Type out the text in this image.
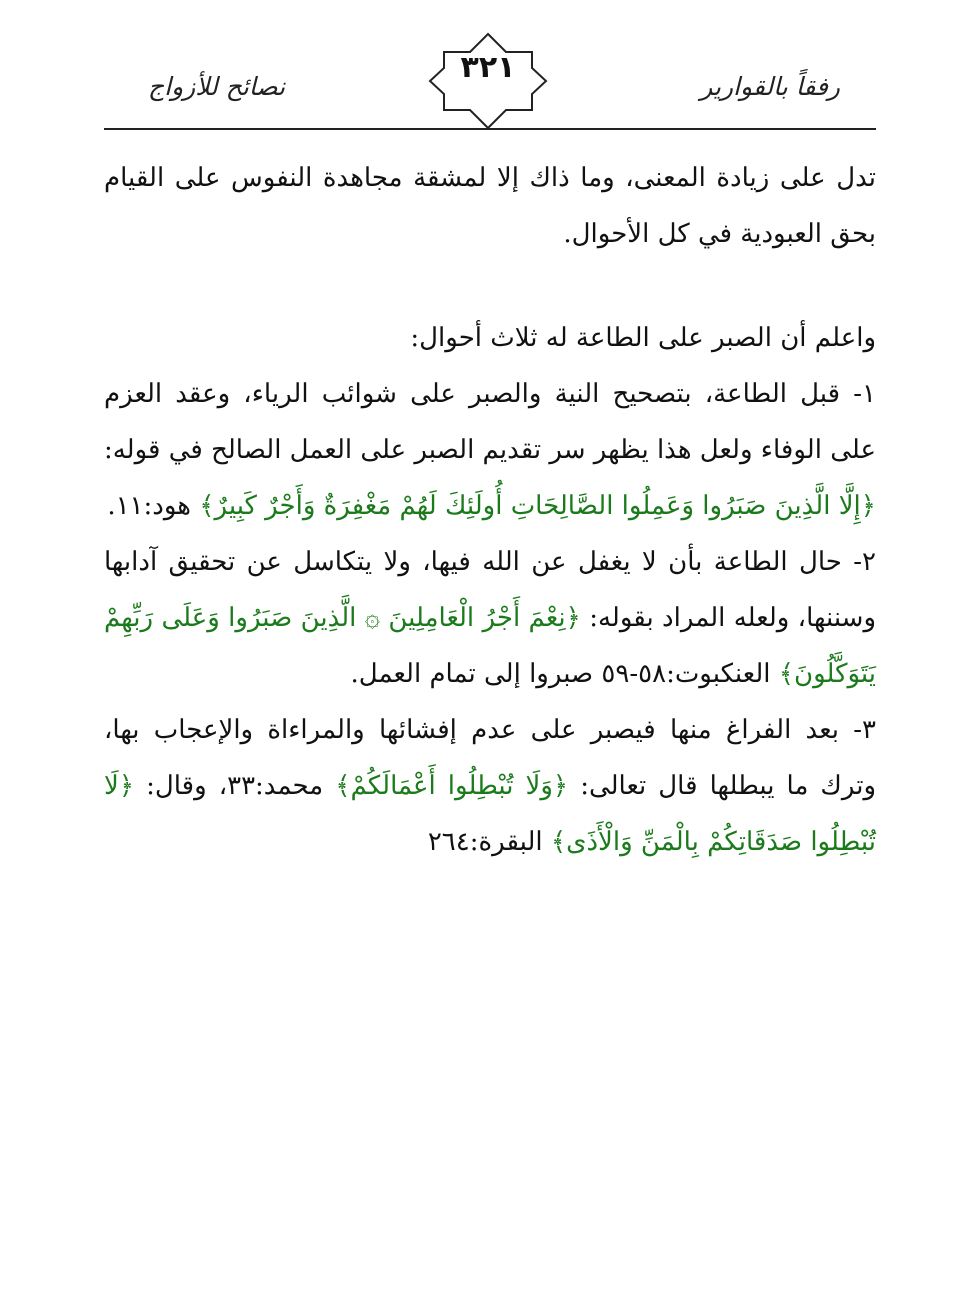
نصائح للأزواج
٣٢١
رفقاً بالقوارير

تدل على زيادة المعنى، وما ذاك إلا لمشقة مجاهدة النفوس على القيام بحق العبودية في كل الأحوال.

واعلم أن الصبر على الطاعة له ثلاث أحوال:

١- قبل الطاعة، بتصحيح النية والصبر على شوائب الرياء، وعقد العزم على الوفاء ولعل هذا يظهر سر تقديم الصبر على العمل الصالح في قوله: ﴿إِلَّا الَّذِينَ صَبَرُوا وَعَمِلُوا الصَّالِحَاتِ أُولَئِكَ لَهُمْ مَغْفِرَةٌ وَأَجْرٌ كَبِيرٌ﴾ هود:١١.

٢- حال الطاعة بأن لا يغفل عن الله فيها، ولا يتكاسل عن تحقيق آدابها وسننها، ولعله المراد بقوله: ﴿نِعْمَ أَجْرُ الْعَامِلِينَ ۞ الَّذِينَ صَبَرُوا وَعَلَى رَبِّهِمْ يَتَوَكَّلُونَ﴾ العنكبوت:٥٨-٥٩ صبروا إلى تمام العمل.

٣- بعد الفراغ منها فيصبر على عدم إفشائها والمراءاة والإعجاب بها، وترك ما يبطلها قال تعالى: ﴿وَلَا تُبْطِلُوا أَعْمَالَكُمْ﴾ محمد:٣٣، وقال: ﴿لَا تُبْطِلُوا صَدَقَاتِكُمْ بِالْمَنِّ وَالْأَذَى﴾ البقرة:٢٦٤
